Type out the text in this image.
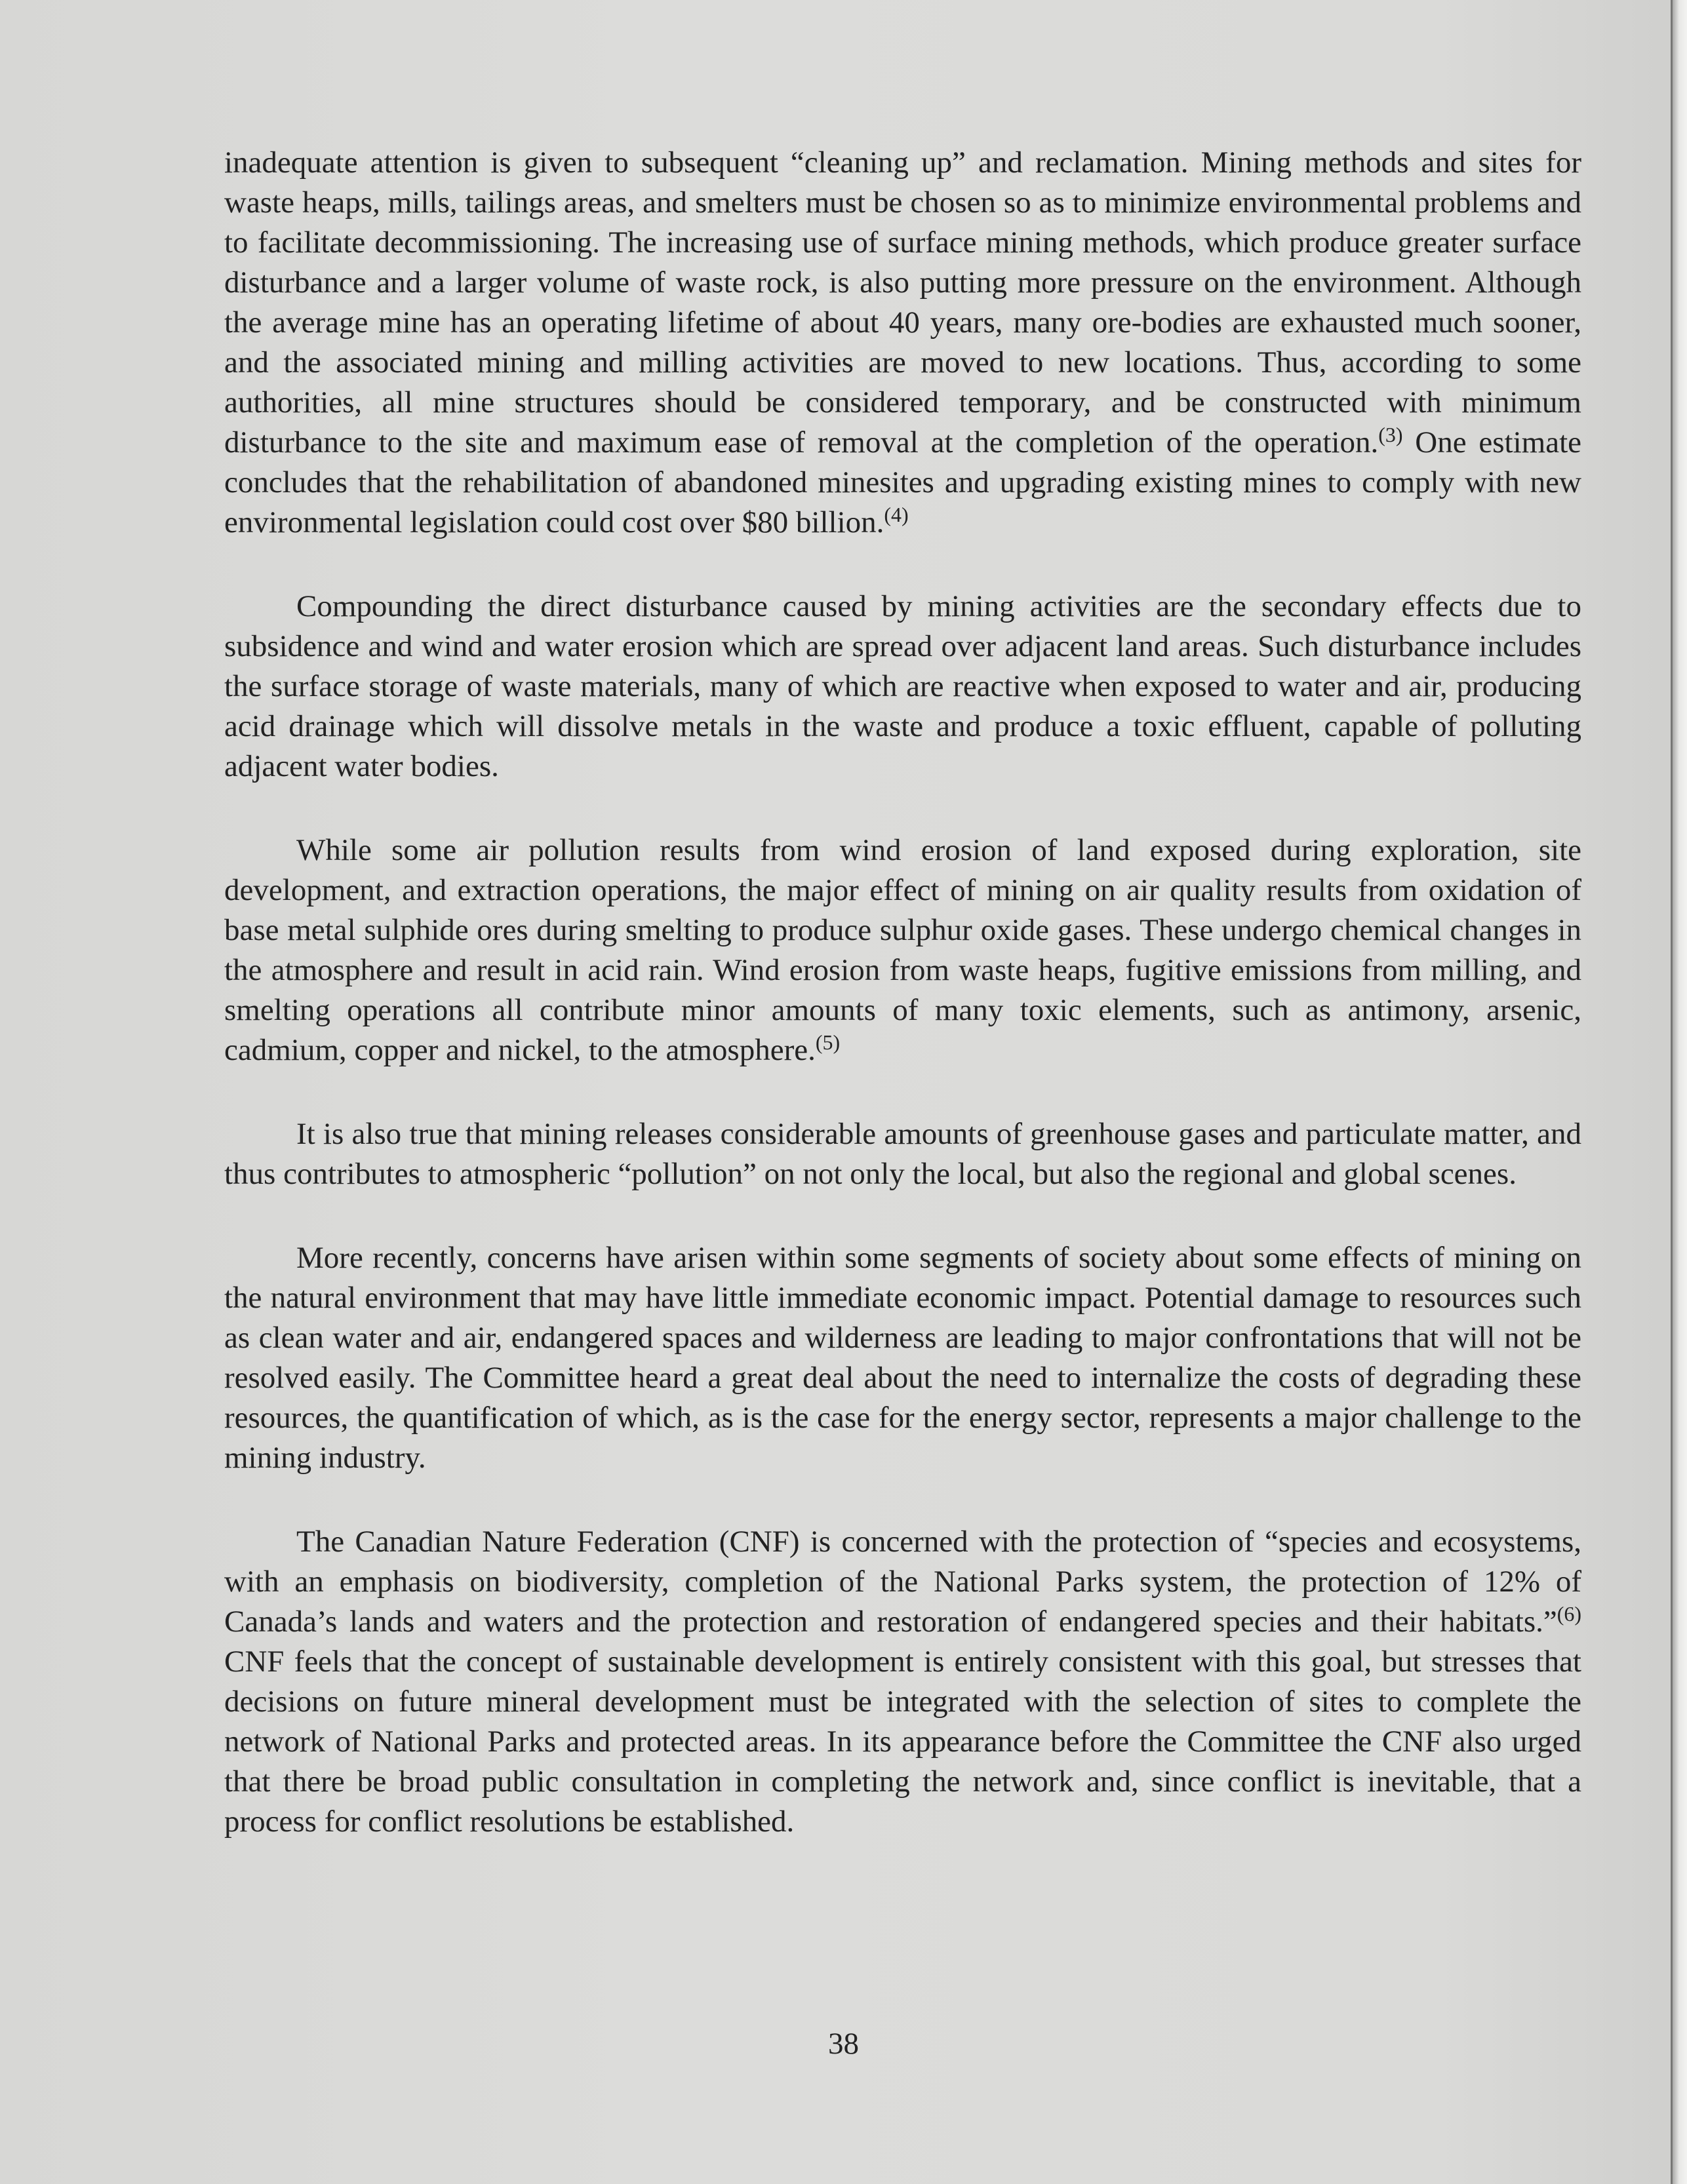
inadequate attention is given to subsequent “cleaning up” and reclamation. Mining methods and sites for waste heaps, mills, tailings areas, and smelters must be chosen so as to minimize environmental problems and to facilitate decommissioning. The increasing use of surface mining methods, which produce greater surface disturbance and a larger volume of waste rock, is also putting more pressure on the environment. Although the average mine has an operating lifetime of about 40 years, many ore-bodies are exhausted much sooner, and the associated mining and milling activities are moved to new locations. Thus, according to some authorities, all mine structures should be considered temporary, and be constructed with minimum disturbance to the site and maximum ease of removal at the completion of the operation.$^{(3)}$ One estimate concludes that the rehabilitation of abandoned minesites and upgrading existing mines to comply with new environmental legislation could cost over $80 billion.$^{(4)}$

Compounding the direct disturbance caused by mining activities are the secondary effects due to subsidence and wind and water erosion which are spread over adjacent land areas. Such disturbance includes the surface storage of waste materials, many of which are reactive when exposed to water and air, producing acid drainage which will dissolve metals in the waste and produce a toxic effluent, capable of polluting adjacent water bodies.

While some air pollution results from wind erosion of land exposed during exploration, site development, and extraction operations, the major effect of mining on air quality results from oxidation of base metal sulphide ores during smelting to produce sulphur oxide gases. These undergo chemical changes in the atmosphere and result in acid rain. Wind erosion from waste heaps, fugitive emissions from milling, and smelting operations all contribute minor amounts of many toxic elements, such as antimony, arsenic, cadmium, copper and nickel, to the atmosphere.$^{(5)}$

It is also true that mining releases considerable amounts of greenhouse gases and particulate matter, and thus contributes to atmospheric “pollution” on not only the local, but also the regional and global scenes.

More recently, concerns have arisen within some segments of society about some effects of mining on the natural environment that may have little immediate economic impact. Potential damage to resources such as clean water and air, endangered spaces and wilderness are leading to major confrontations that will not be resolved easily. The Committee heard a great deal about the need to internalize the costs of degrading these resources, the quantification of which, as is the case for the energy sector, represents a major challenge to the mining industry.

The Canadian Nature Federation (CNF) is concerned with the protection of “species and ecosystems, with an emphasis on biodiversity, completion of the National Parks system, the protection of 12% of Canada’s lands and waters and the protection and restoration of endangered species and their habitats.”$^{(6)}$ CNF feels that the concept of sustainable development is entirely consistent with this goal, but stresses that decisions on future mineral development must be integrated with the selection of sites to complete the network of National Parks and protected areas. In its appearance before the Committee the CNF also urged that there be broad public consultation in completing the network and, since conflict is inevitable, that a process for conflict resolutions be established.

38
